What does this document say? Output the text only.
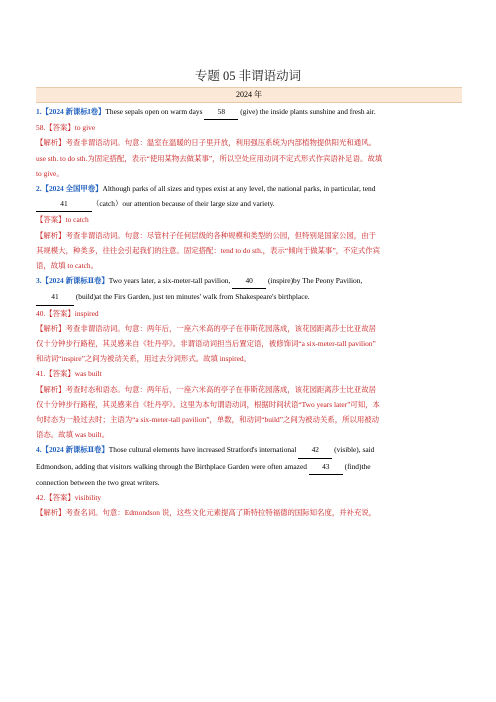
专题 05 非谓语动词
2024 年

1.【2024 新课标I卷】These sepals open on warm days 58 (give) the inside plants sunshine and fresh air.

58.【答案】to give

【解析】考查非谓语动词。句意：温室在温暖的日子里开放，利用强压系统为内部植物提供阳光和通风。

use sth. to do sth.为固定搭配，表示“使用某物去做某事”，所以空处应用动词不定式形式作宾语补足语。故填

to give。

2.【2024 全国甲卷】Although parks of all sizes and types exist at any level, the national parks, in particular, tend

41	（catch）our attention because of their large size and variety.

【答案】to catch

【解析】考查非谓语动词。句意：尽管村子任何层级的各种规模和类型的公园，但特别是国家公园，由于

其规模大，种类多，往往会引起我们的注意。固定搭配：tend to do sth.，表示“倾向于做某事”，不定式作宾

语，故填 to catch。

3.【2024 新课标Ⅱ卷】Two years later, a six-meter-tall pavilion, 40 (inspire)by The Peony Pavilion,

41 (build)at the Firs Garden, just ten minutes' walk from Shakespeare's birthplace.

40.【答案】inspired

【解析】考查非谓语动词。句意：两年后，一座六米高的亭子在菲斯花园落成，该花园距离莎士比亚故居

仅十分钟步行路程，其灵感来自《牡丹亭》。非谓语动词担当后置定语，被修饰词“a six-meter-tall pavilion”

和动词“inspire”之间为被动关系，用过去分词形式。故填 inspired。

41.【答案】was built

【解析】考查时态和语态。句意：两年后，一座六米高的亭子在菲斯花园落成，该花园距离莎士比亚故居

仅十分钟步行路程，其灵感来自《牡丹亭》。这里为本句谓语动词，根据时间状语“Two years later”可知，本

句时态为一般过去时；主语为“a six-meter-tall pavilion”，单数，和动词“build”之间为被动关系，所以用被动

语态。故填 was built。

4.【2024 新课标Ⅱ卷】Those cultural elements have increased Stratford's international 42 (visible), said

Edmondson, adding that visitors walking through the Birthplace Garden were often amazed 43 (find)the

connection between the two great writers.

42.【答案】visibility

【解析】考查名词。句意：Edmondson 说，这些文化元素提高了斯特拉特福德的国际知名度，并补充说，
